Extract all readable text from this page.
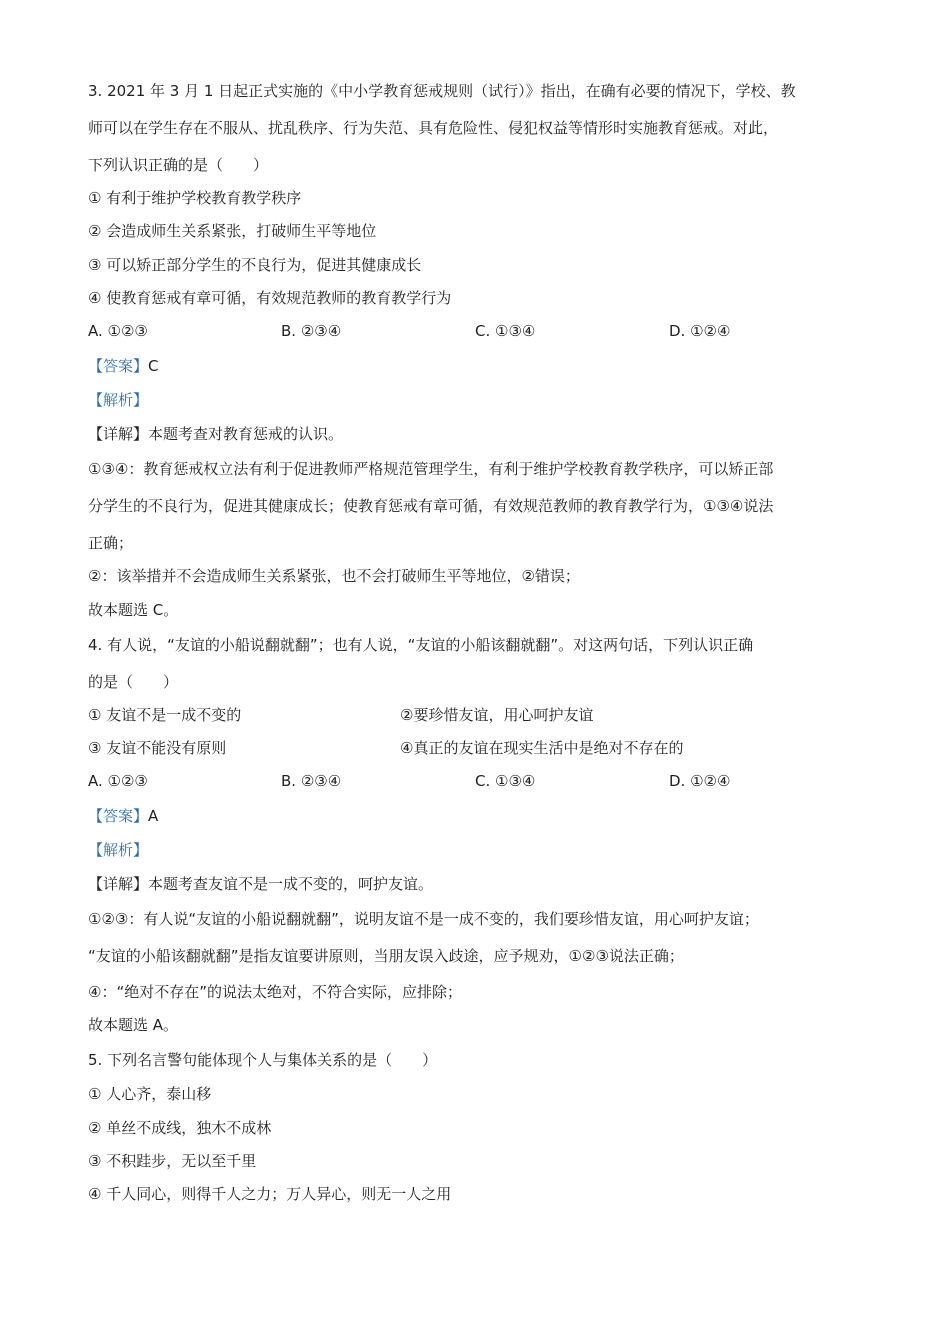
3. 2021 年 3 月 1 日起正式实施的《中小学教育惩戒规则（试行）》指出，在确有必要的情况下，学校、教
师可以在学生存在不服从、扰乱秩序、行为失范、具有危险性、侵犯权益等情形时实施教育惩戒。对此，
下列认识正确的是（　　）
① 有利于维护学校教育教学秩序
② 会造成师生关系紧张，打破师生平等地位
③ 可以矫正部分学生的不良行为，促进其健康成长
④ 使教育惩戒有章可循，有效规范教师的教育教学行为
A. ①②③	B. ②③④	C. ①③④	D. ①②④
【答案】C
【解析】
【详解】本题考查对教育惩戒的认识。
①③④：教育惩戒权立法有利于促进教师严格规范管理学生，有利于维护学校教育教学秩序，可以矫正部
分学生的不良行为，促进其健康成长；使教育惩戒有章可循，有效规范教师的教育教学行为，①③④说法
正确；
②：该举措并不会造成师生关系紧张，也不会打破师生平等地位，②错误；
故本题选 C。
4. 有人说，“友谊的小船说翻就翻”；也有人说，“友谊的小船该翻就翻”。对这两句话，下列认识正确
的是（　　）
① 友谊不是一成不变的	②要珍惜友谊，用心呵护友谊
③ 友谊不能没有原则	④真正的友谊在现实生活中是绝对不存在的
A. ①②③	B. ②③④	C. ①③④	D. ①②④
【答案】A
【解析】
【详解】本题考查友谊不是一成不变的，呵护友谊。
①②③：有人说“友谊的小船说翻就翻”，说明友谊不是一成不变的，我们要珍惜友谊，用心呵护友谊；
“友谊的小船该翻就翻”是指友谊要讲原则，当朋友误入歧途，应予规劝，①②③说法正确；
④：“绝对不存在”的说法太绝对，不符合实际，应排除；
故本题选 A。
5. 下列名言警句能体现个人与集体关系的是（　　）
① 人心齐，泰山移
② 单丝不成线，独木不成林
③ 不积跬步，无以至千里
④ 千人同心，则得千人之力；万人异心，则无一人之用
